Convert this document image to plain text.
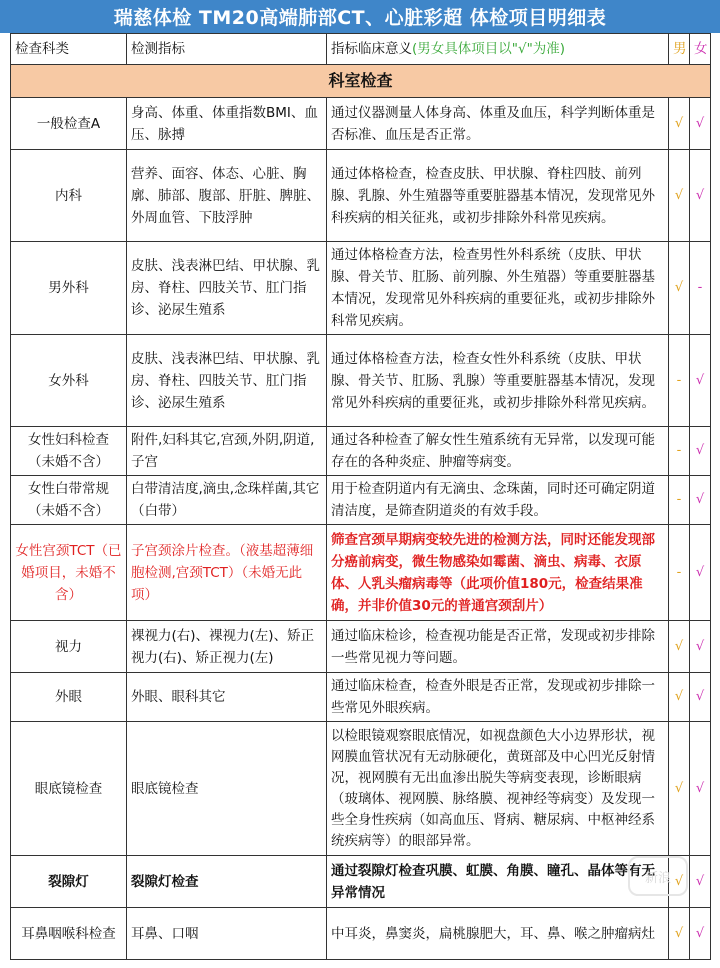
瑞慈体检 TM20高端肺部CT、心脏彩超 体检项目明细表
检查科类	检测指标	指标临床意义(男女具体项目以"√"为准)	男	女
科室检查				
一般检查A	身高、体重、体重指数BMI、血压、脉搏	通过仪器测量人体身高、体重及血压，科学判断体重是否标准、血压是否正常。	√	√
内科	营养、面容、体态、心脏、胸廓、肺部、腹部、肝脏、脾脏、外周血管、下肢浮肿	通过体格检查，检查皮肤、甲状腺、脊柱四肢、前列腺、乳腺、外生殖器等重要脏器基本情况，发现常见外科疾病的相关征兆，或初步排除外科常见疾病。	√	√
男外科	皮肤、浅表淋巴结、甲状腺、乳房、脊柱、四肢关节、肛门指诊、泌尿生殖系	通过体格检查方法，检查男性外科系统（皮肤、甲状腺、骨关节、肛肠、前列腺、外生殖器）等重要脏器基本情况，发现常见外科疾病的重要征兆，或初步排除外科常见疾病。	√	-
女外科	皮肤、浅表淋巴结、甲状腺、乳房、脊柱、四肢关节、肛门指诊、泌尿生殖系	通过体格检查方法，检查女性外科系统（皮肤、甲状腺、骨关节、肛肠、乳腺）等重要脏器基本情况，发现常见外科疾病的重要征兆，或初步排除外科常见疾病。	-	√
女性妇科检查（未婚不含）	附件,妇科其它,宫颈,外阴,阴道,子宫	通过各种检查了解女性生殖系统有无异常，以发现可能存在的各种炎症、肿瘤等病变。	-	√
女性白带常规（未婚不含）	白带清洁度,滴虫,念珠样菌,其它（白带）	用于检查阴道内有无滴虫、念珠菌，同时还可确定阴道清洁度，是筛查阴道炎的有效手段。	-	√
女性宫颈TCT（已婚项目，未婚不含）	子宫颈涂片检查。（液基超薄细胞检测,宫颈TCT）（未婚无此项）	筛查宫颈早期病变较先进的检测方法，同时还能发现部分癌前病变，微生物感染如霉菌、滴虫、病毒、衣原体、人乳头瘤病毒等（此项价值180元，检查结果准确，并非价值30元的普通宫颈刮片）	-	√
视力	裸视力(右)、裸视力(左)、矫正视力(右)、矫正视力(左)	通过临床检诊，检查视功能是否正常，发现或初步排除一些常见视力等问题。	√	√
外眼	外眼、眼科其它	通过临床检查，检查外眼是否正常，发现或初步排除一些常见外眼疾病。	√	√
眼底镜检查	眼底镜检查	以检眼镜观察眼底情况，如视盘颜色大小边界形状，视网膜血管状况有无动脉硬化，黄斑部及中心凹光反射情况，视网膜有无出血渗出脱失等病变表现，诊断眼病（玻璃体、视网膜、脉络膜、视神经等病变）及发现一些全身性疾病（如高血压、肾病、糖尿病、中枢神经系统疾病等）的眼部异常。	√	√
裂隙灯	裂隙灯检查	通过裂隙灯检查巩膜、虹膜、角膜、瞳孔、晶体等有无异常情况	√	√
耳鼻咽喉科检查	耳鼻、口咽	中耳炎，鼻窦炎，扁桃腺肥大，耳、鼻、喉之肿瘤病灶	√	√
新浪
